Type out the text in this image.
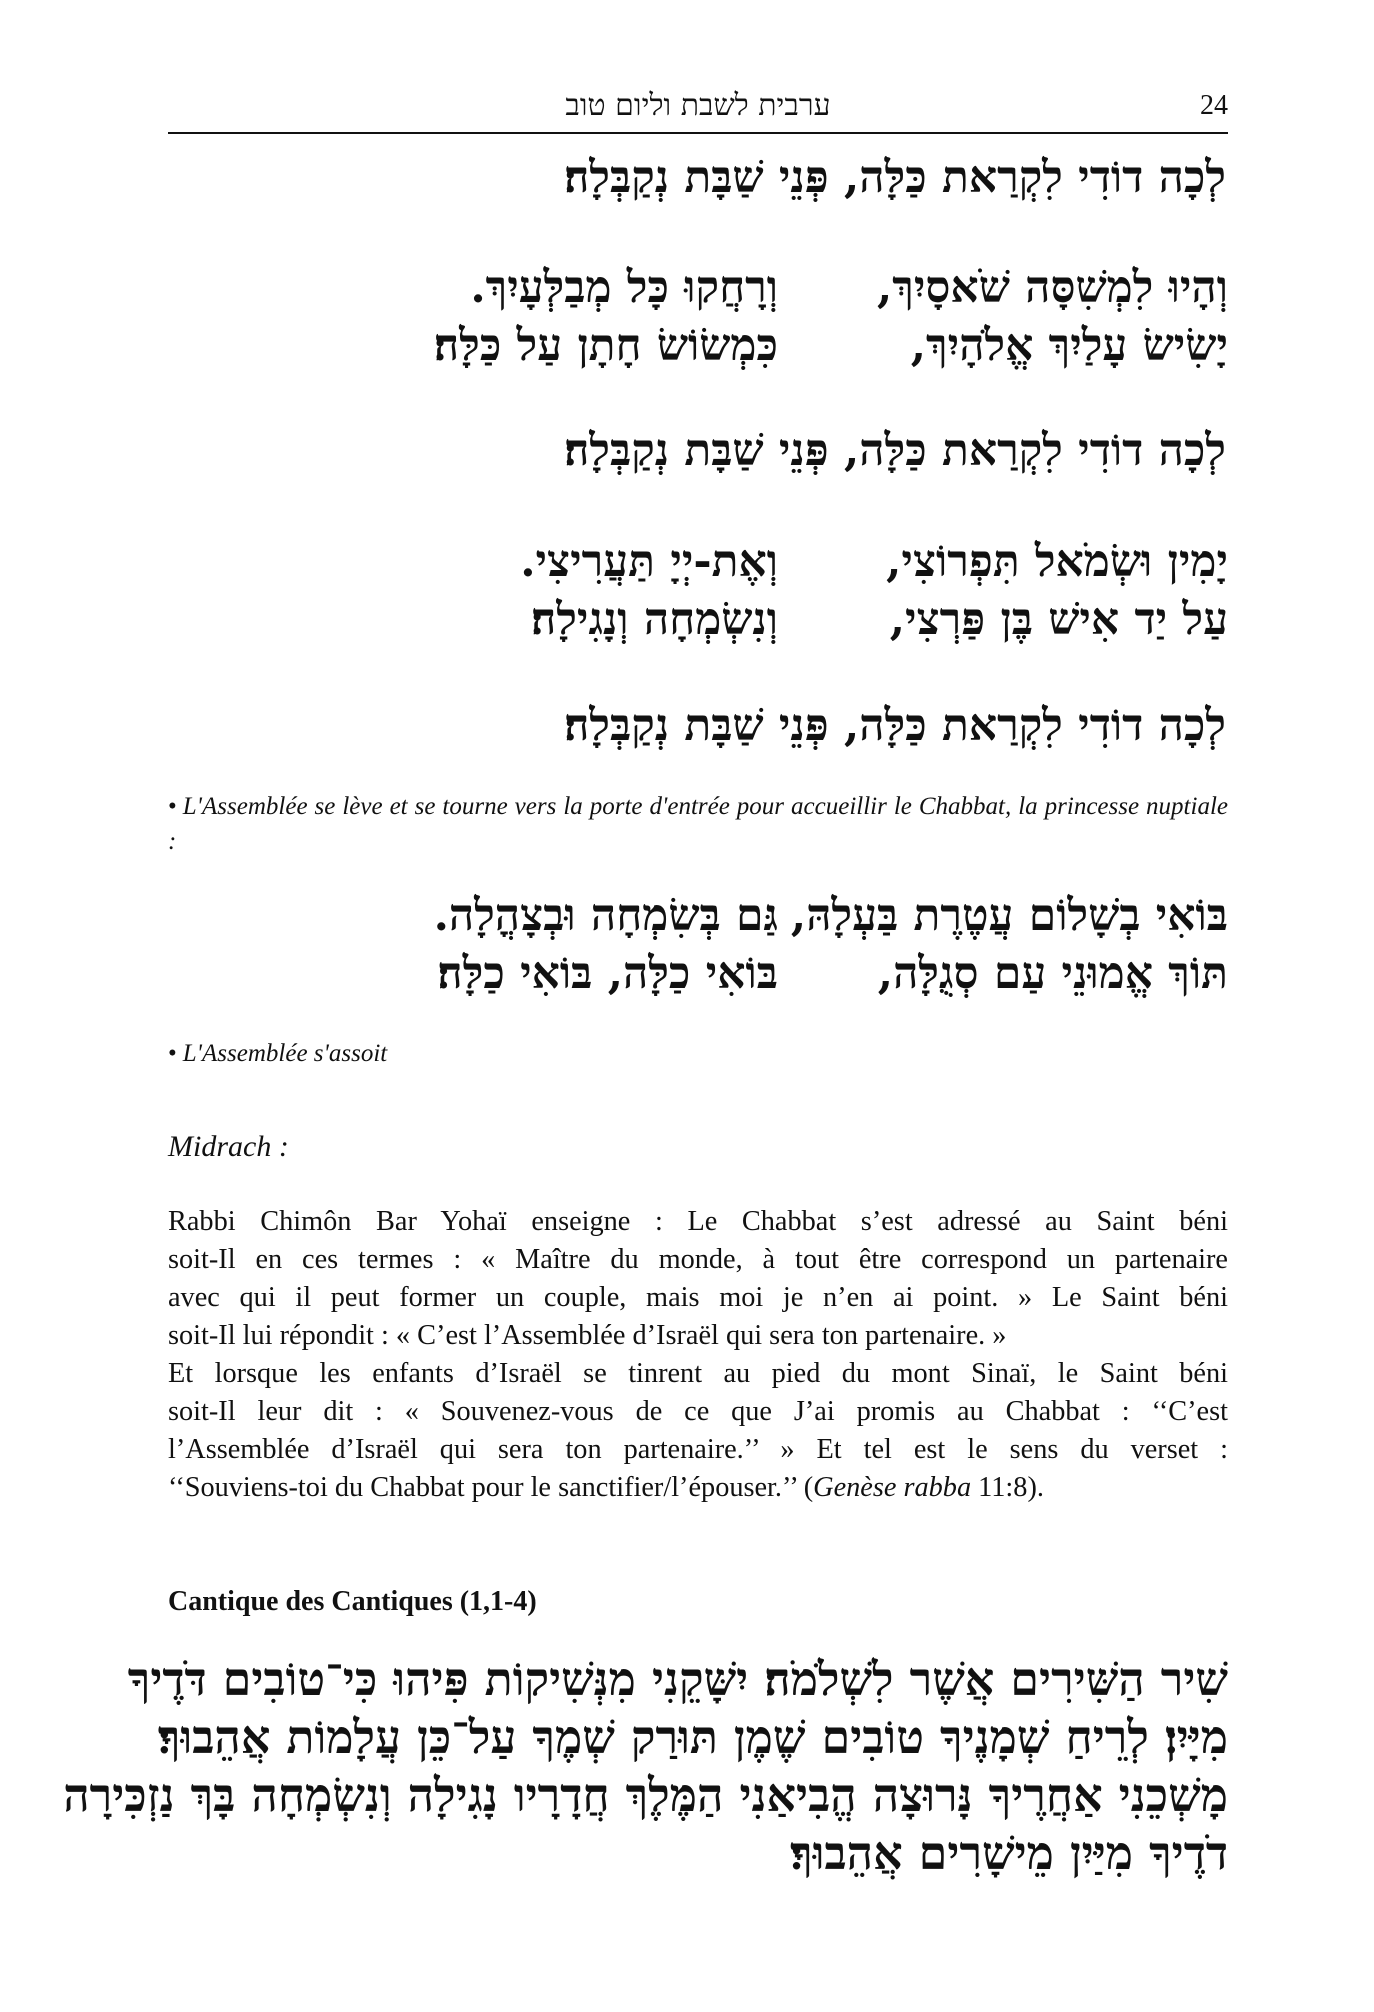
24
ערבית לשבת וליום טוב
לְכָה דוֹדִי לִקְרַאת כַּלָּה, פְּנֵי שַׁבָּת נְקַבְּלָה׃
וְהָיוּ לִמְשִׁסָּה שֹׁאסָיִךְ,
וְרָחֲקוּ כָּל מְבַלְּעָיִךְ.
יָשִׂישׂ עָלַיִךְ אֱלֹהָיִךְ,
כִּמְשׂוֹשׂ חָתָן עַל כַּלָּה׃
לְכָה דוֹדִי לִקְרַאת כַּלָּה, פְּנֵי שַׁבָּת נְקַבְּלָה׃
יָמִין וּשְׂמֹאל תִּפְרוֹצִי,
וְאֶת-יְיָ תַּעֲרִיצִי.
עַל יַד אִישׁ בֶּן פַּרְצִי,
וְנִשְׂמְחָה וְנָגִילָה׃
לְכָה דוֹדִי לִקְרַאת כַּלָּה, פְּנֵי שַׁבָּת נְקַבְּלָה׃
• L'Assemblée se lève et se tourne vers la porte d'entrée pour accueillir le Chabbat, la princesse nuptiale :
בּוֹאִי בְשָׁלוֹם עֲטֶרֶת בַּעְלָהּ,
גַּם בְּשִׂמְחָה וּבְצָהֳלָה.
תּוֹךְ אֱמוּנֵי עַם סְגֻלָּה,
בּוֹאִי כַלָּה, בּוֹאִי כַלָּה׃
• L'Assemblée s'assoit
Midrach :
Rabbi Chimôn Bar Yohaï enseigne : Le Chabbat s’est adressé au Saint béni
soit-Il en ces termes : « Maître du monde, à tout être correspond un partenaire
avec qui il peut former un couple, mais moi je n’en ai point. » Le Saint béni
soit-Il lui répondit : « C’est l’Assemblée d’Israël qui sera ton partenaire. »
Et lorsque les enfants d’Israël se tinrent au pied du mont Sinaï, le Saint béni
soit-Il leur dit : « Souvenez-vous de ce que J’ai promis au Chabbat : ‘‘C’est
l’Assemblée d’Israël qui sera ton partenaire.’’ » Et tel est le sens du verset :
‘‘Souviens-toi du Chabbat pour le sanctifier/l’épouser.’’ (Genèse rabba 11:8).
Cantique des Cantiques (1,1-4)
שִׁיר הַשִּׁירִים אֲשֶׁר לִשְׁלֹמֹה׃ יִשָּׁקֵנִי מִנְּשִׁיקוֹת פִּיהוּ כִּי־טוֹבִים דֹּדֶיךָ
מִיָּיִן׃ לְרֵיחַ שְׁמָנֶיךָ טוֹבִים שֶׁמֶן תּוּרַק שְׁמֶךָ עַל־כֵּן עֲלָמוֹת אֲהֵבוּךָ׃
מָשְׁכֵנִי אַחֲרֶיךָ נָּרוּצָה הֱבִיאַנִי הַמֶּלֶךְ חֲדָרָיו נָגִילָה וְנִשְׂמְחָה בָּךְ נַזְכִּירָה
דֹדֶיךָ מִיַּיִן מֵישָׁרִים אֲהֵבוּךָ׃
